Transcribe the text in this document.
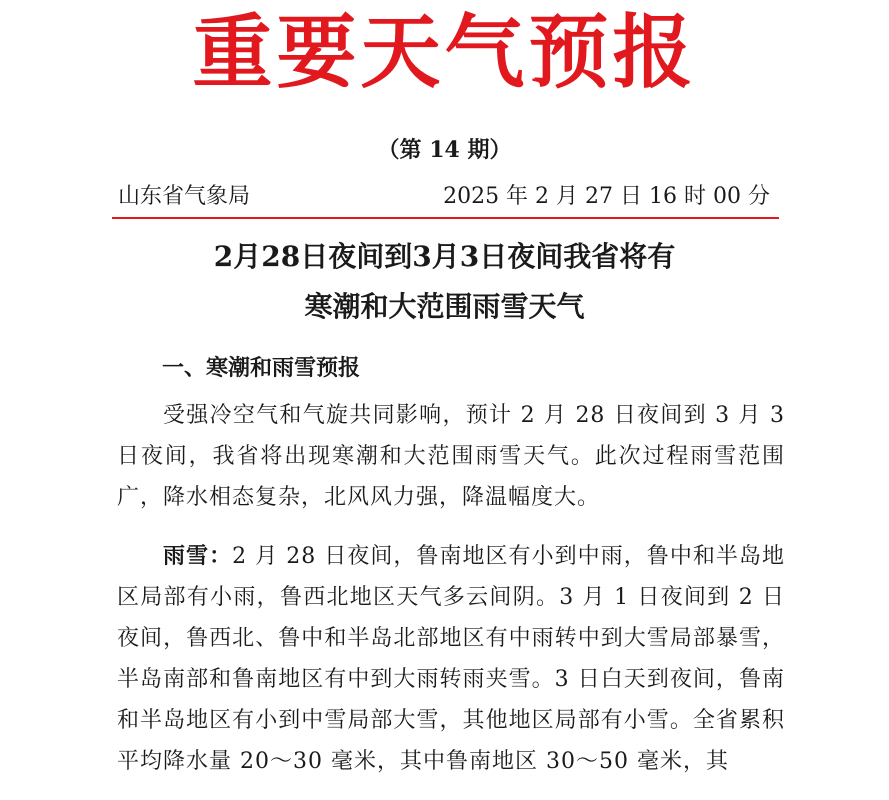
重要天气预报
（第 14 期）
山东省气象局	2025 年 2 月 27 日 16 时 00 分
2月28日夜间到3月3日夜间我省将有
寒潮和大范围雨雪天气
一、寒潮和雨雪预报
受强冷空气和气旋共同影响，预计 2 月 28 日夜间到 3 月 3 日夜间，我省将出现寒潮和大范围雨雪天气。此次过程雨雪范围广，降水相态复杂，北风风力强，降温幅度大。
雨雪：2 月 28 日夜间，鲁南地区有小到中雨，鲁中和半岛地区局部有小雨，鲁西北地区天气多云间阴。3 月 1 日夜间到 2 日夜间，鲁西北、鲁中和半岛北部地区有中雨转中到大雪局部暴雪，半岛南部和鲁南地区有中到大雨转雨夹雪。3 日白天到夜间，鲁南和半岛地区有小到中雪局部大雪，其他地区局部有小雪。全省累积平均降水量 20～30 毫米，其中鲁南地区 30～50 毫米，其
